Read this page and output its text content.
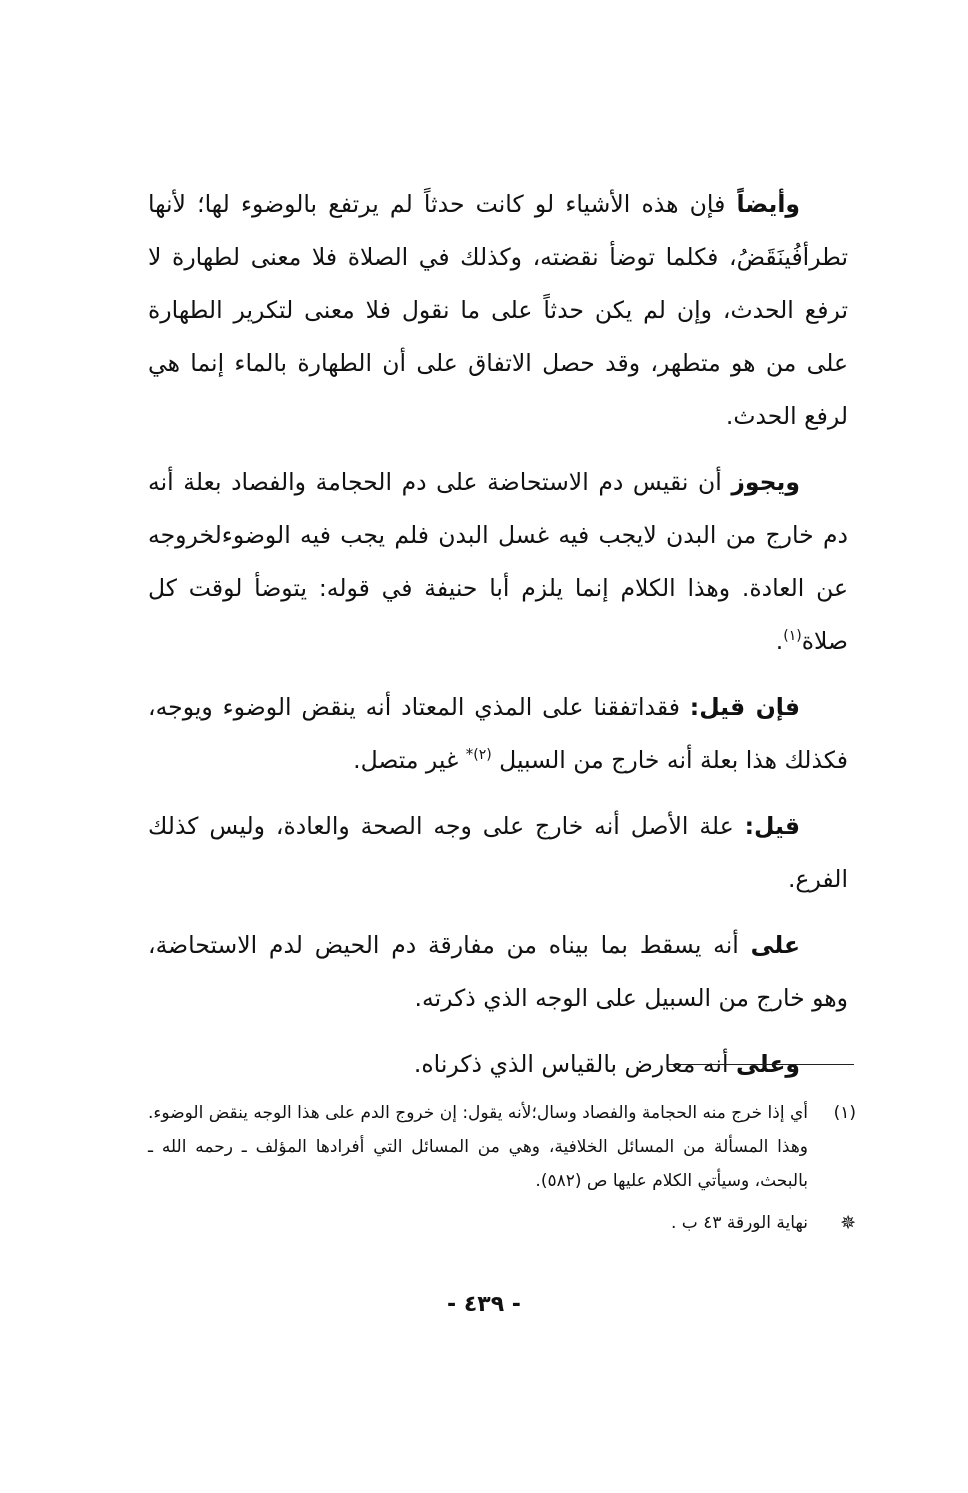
وأيضاً فإن هذه الأشياء لو كانت حدثاً لم يرتفع بالوضوء لها؛ لأنها تطرأفُينَقَضُ، فكلما توضأ نقضته، وكذلك في الصلاة فلا معنى لطهارة لا ترفع الحدث، وإن لم يكن حدثاً على ما نقول فلا معنى لتكرير الطهارة على من هو متطهر، وقد حصل الاتفاق على أن الطهارة بالماء إنما هي لرفع الحدث.

ويجوز أن نقيس دم الاستحاضة على دم الحجامة والفصاد بعلة أنه دم خارج من البدن لايجب فيه غسل البدن فلم يجب فيه الوضوءلخروجه عن العادة. وهذا الكلام إنما يلزم أبا حنيفة في قوله: يتوضأ لوقت كل صلاة$^{(١)}$.

فإن قيل: فقداتفقنا على المذي المعتاد أنه ينقض الوضوء ويوجه، فكذلك هذا بعلة أنه خارج من السبيل $^{(٢)*}$ غير متصل.

قيل: علة الأصل أنه خارج على وجه الصحة والعادة، وليس كذلك الفرع.

على أنه يسقط بما بيناه من مفارقة دم الحيض لدم الاستحاضة، وهو خارج من السبيل على الوجه الذي ذكرته.

وعلى أنه معارض بالقياس الذي ذكرناه.

(١)

أي إذا خرج منه الحجامة والفصاد وسال؛لأنه يقول: إن خروج الدم على هذا الوجه ينقض الوضوء.

وهذا المسألة من المسائل الخلافية، وهي من المسائل التي أفرادها المؤلف ـ رحمه الله ـ بالبحث، وسيأتي الكلام عليها ص (٥٨٢).

✵
نهاية الورقة ٤٣ ب .
- ٤٣٩ -
